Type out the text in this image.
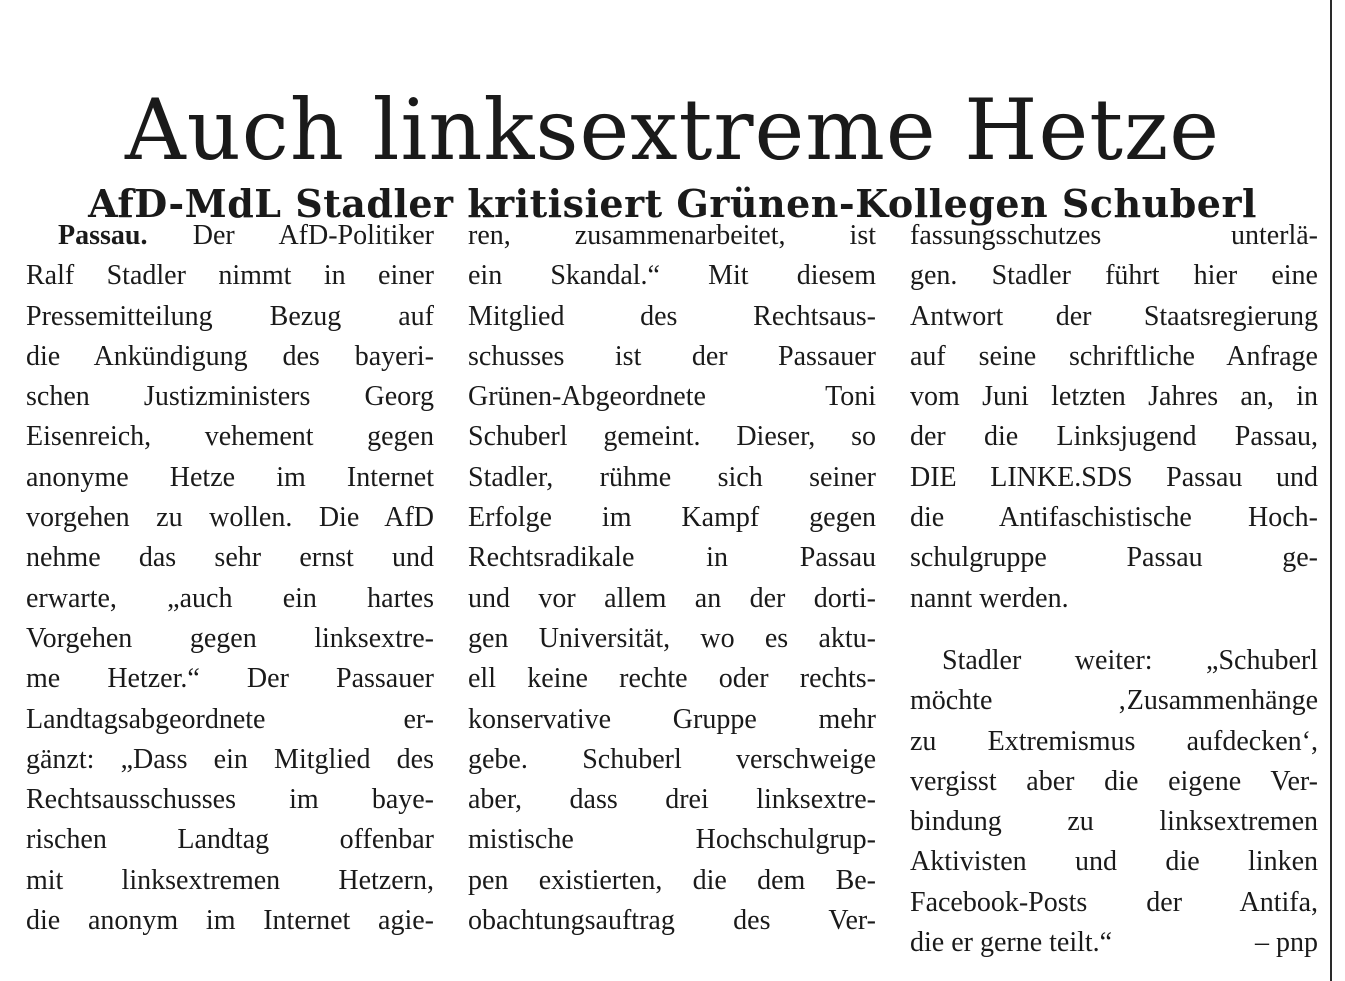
Auch linksextreme Hetze
AfD-MdL Stadler kritisiert Grünen-Kollegen Schuberl
Passau. Der AfD-Politiker
Ralf Stadler nimmt in einer
Pressemitteilung Bezug auf
die Ankündigung des bayeri-
schen Justizministers Georg
Eisenreich, vehement gegen
anonyme Hetze im Internet
vorgehen zu wollen. Die AfD
nehme das sehr ernst und
erwarte, „auch ein hartes
Vorgehen gegen linksextre-
me Hetzer.“ Der Passauer
Landtagsabgeordnete er-
gänzt: „Dass ein Mitglied des
Rechtsausschusses im baye-
rischen Landtag offenbar
mit linksextremen Hetzern,
die anonym im Internet agie-
ren, zusammenarbeitet, ist
ein Skandal.“ Mit diesem
Mitglied des Rechtsaus-
schusses ist der Passauer
Grünen-Abgeordnete Toni
Schuberl gemeint. Dieser, so
Stadler, rühme sich seiner
Erfolge im Kampf gegen
Rechtsradikale in Passau
und vor allem an der dorti-
gen Universität, wo es aktu-
ell keine rechte oder rechts-
konservative Gruppe mehr
gebe. Schuberl verschweige
aber, dass drei linksextre-
mistische Hochschulgrup-
pen existierten, die dem Be-
obachtungsauftrag des Ver-
fassungsschutzes unterlä-
gen. Stadler führt hier eine
Antwort der Staatsregierung
auf seine schriftliche Anfrage
vom Juni letzten Jahres an, in
der die Linksjugend Passau,
DIE LINKE.SDS Passau und
die Antifaschistische Hoch-
schulgruppe Passau ge-
nannt werden.
Stadler weiter: „Schuberl
möchte ‚Zusammenhänge
zu Extremismus aufdecken‘,
vergisst aber die eigene Ver-
bindung zu linksextremen
Aktivisten und die linken
Facebook-Posts der Antifa,
die er gerne teilt.“	– pnp
